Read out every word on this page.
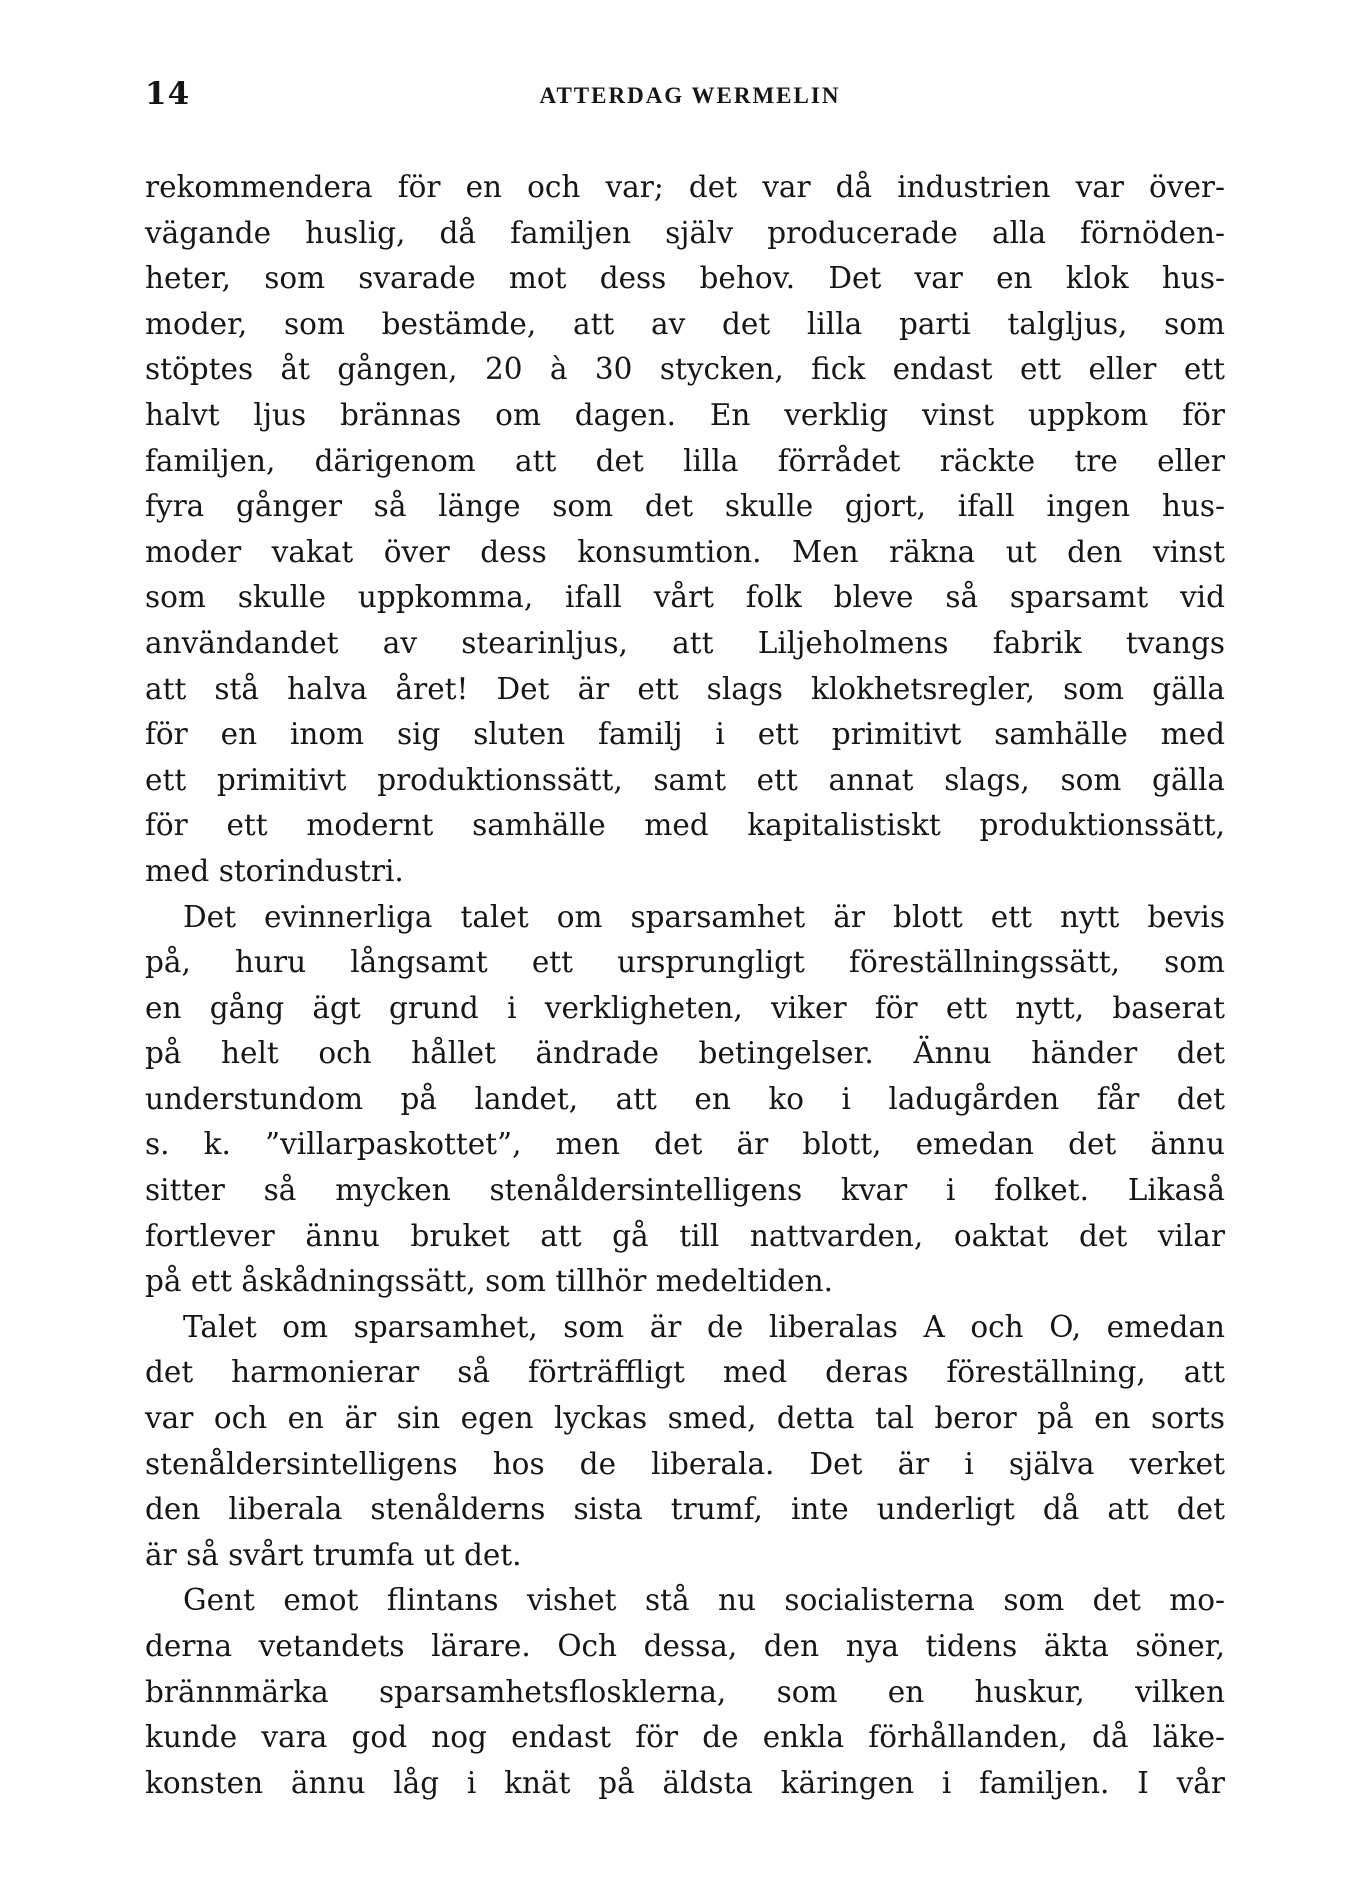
14	ATTERDAG WERMELIN
rekommendera för en och var; det var då industrien var över-
vägande huslig, då familjen själv producerade alla förnöden-
heter, som svarade mot dess behov. Det var en klok hus-
moder, som bestämde, att av det lilla parti talgljus, som
stöptes åt gången, 20 à 30 stycken, fick endast ett eller ett
halvt ljus brännas om dagen. En verklig vinst uppkom för
familjen, därigenom att det lilla förrådet räckte tre eller
fyra gånger så länge som det skulle gjort, ifall ingen hus-
moder vakat över dess konsumtion. Men räkna ut den vinst
som skulle uppkomma, ifall vårt folk bleve så sparsamt vid
användandet av stearinljus, att Liljeholmens fabrik tvangs
att stå halva året! Det är ett slags klokhetsregler, som gälla
för en inom sig sluten familj i ett primitivt samhälle med
ett primitivt produktionssätt, samt ett annat slags, som gälla
för ett modernt samhälle med kapitalistiskt produktionssätt,
med storindustri.
Det evinnerliga talet om sparsamhet är blott ett nytt bevis
på, huru långsamt ett ursprungligt föreställningssätt, som
en gång ägt grund i verkligheten, viker för ett nytt, baserat
på helt och hållet ändrade betingelser. Ännu händer det
understundom på landet, att en ko i ladugården får det
s. k. ”villarpaskottet”, men det är blott, emedan det ännu
sitter så mycken stenåldersintelligens kvar i folket. Likaså
fortlever ännu bruket att gå till nattvarden, oaktat det vilar
på ett åskådningssätt, som tillhör medeltiden.
Talet om sparsamhet, som är de liberalas A och O, emedan
det harmonierar så förträffligt med deras föreställning, att
var och en är sin egen lyckas smed, detta tal beror på en sorts
stenåldersintelligens hos de liberala. Det är i själva verket
den liberala stenålderns sista trumf, inte underligt då att det
är så svårt trumfa ut det.
Gent emot flintans vishet stå nu socialisterna som det mo-
derna vetandets lärare. Och dessa, den nya tidens äkta söner,
brännmärka sparsamhetsflosklerna, som en huskur, vilken
kunde vara god nog endast för de enkla förhållanden, då läke-
konsten ännu låg i knät på äldsta käringen i familjen. I vår
